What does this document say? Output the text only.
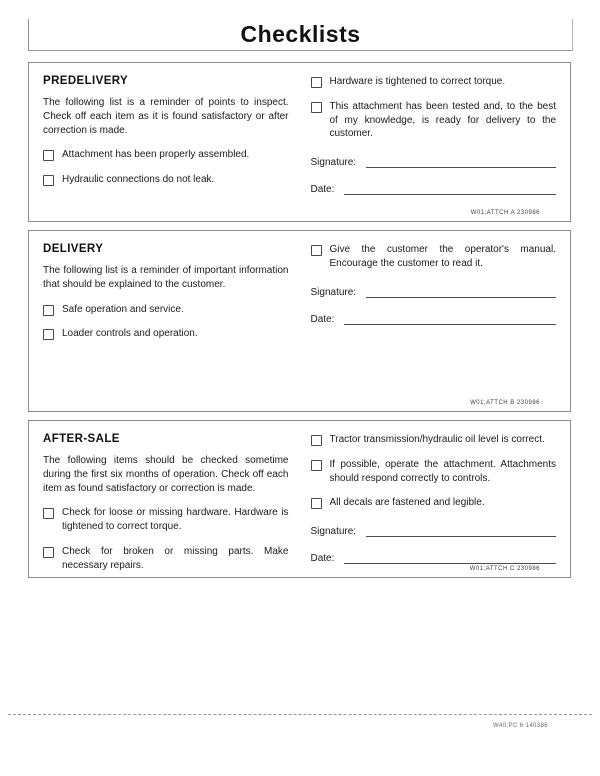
Checklists
PREDELIVERY

The following list is a reminder of points to inspect. Check off each item as it is found satisfactory or after correction is made.

Attachment has been properly assembled.
Hydraulic connections do not leak.
Hardware is tightened to correct torque.
This attachment has been tested and, to the best of my knowledge, is ready for delivery to the customer.
Signature:
Date:
W01;ATTCH A 230986
DELIVERY

The following list is a reminder of important information that should be explained to the customer.

Safe operation and service.
Loader controls and operation.
Give the customer the operator's manual. Encourage the customer to read it.
Signature:
Date:
W01;ATTCH B 230986
AFTER-SALE

The following items should be checked sometime during the first six months of operation. Check off each item as found satisfactory or correction is made.

Check for loose or missing hardware. Hardware is tightened to correct torque.
Check for broken or missing parts. Make necessary repairs.
Tractor transmission/hydraulic oil level is correct.
If possible, operate the attachment. Attachments should respond correctly to controls.
All decals are fastened and legible.
Signature:
Date:
W01;ATTCH C 230986
W40;PC 6 140386
